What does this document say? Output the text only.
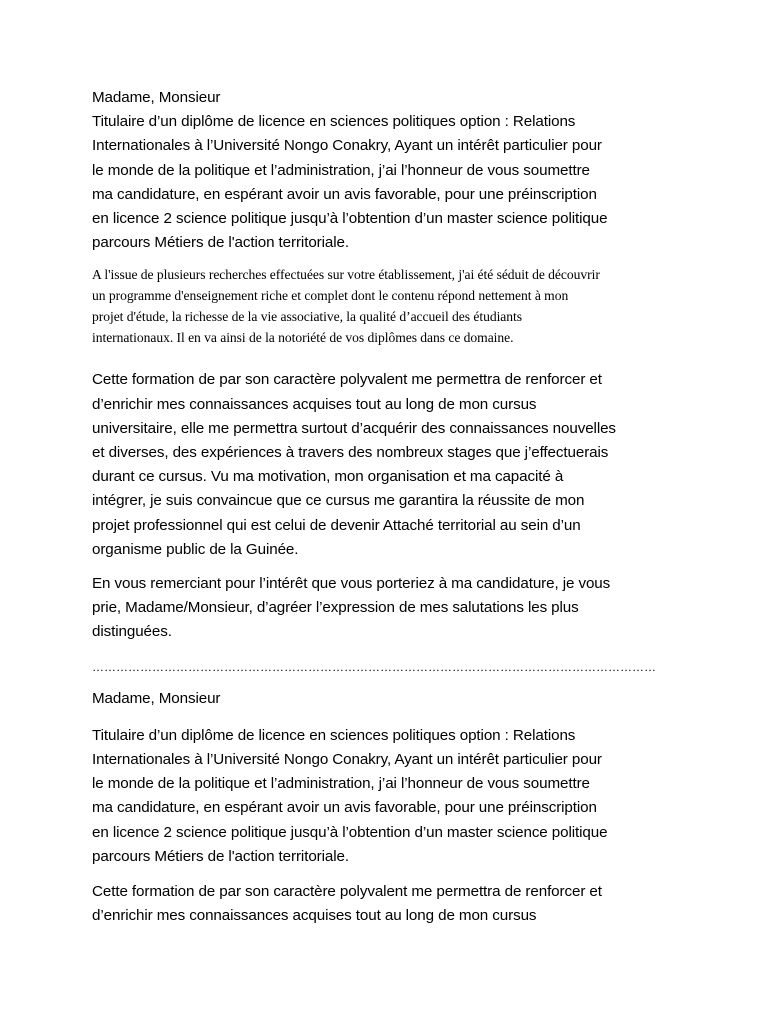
Madame, Monsieur
Titulaire d’un diplôme de licence en sciences politiques option : Relations
Internationales à l’Université Nongo Conakry, Ayant un intérêt particulier pour
le monde de la politique et l’administration, j’ai l’honneur de vous soumettre
ma candidature, en espérant avoir un avis favorable, pour une préinscription
en licence 2 science politique jusqu’à l’obtention d’un master science politique
parcours Métiers de l'action territoriale.
A l'issue de plusieurs recherches effectuées sur votre établissement, j'ai été séduit de découvrir
un programme d'enseignement riche et complet dont le contenu répond nettement à mon
projet d'étude, la richesse de la vie associative, la qualité d’accueil des étudiants
internationaux. Il en va ainsi de la notoriété de vos diplômes dans ce domaine.
Cette formation de par son caractère polyvalent me permettra de renforcer et
d’enrichir mes connaissances acquises tout au long de mon cursus
universitaire, elle me permettra surtout d’acquérir des connaissances nouvelles
et diverses, des expériences à travers des nombreux stages que j’effectuerais
durant ce cursus. Vu ma motivation, mon organisation et ma capacité à
intégrer, je suis convaincue que ce cursus me garantira la réussite de mon
projet professionnel qui est celui de devenir Attaché territorial au sein d’un
organisme public de la Guinée.
En vous remerciant pour l’intérêt que vous porteriez à ma candidature, je vous
prie, Madame/Monsieur, d’agréer l’expression de mes salutations les plus
distinguées.
……………………………………………………………………………………………………………………………
Madame, Monsieur
Titulaire d’un diplôme de licence en sciences politiques option : Relations
Internationales à l’Université Nongo Conakry, Ayant un intérêt particulier pour
le monde de la politique et l’administration, j’ai l’honneur de vous soumettre
ma candidature, en espérant avoir un avis favorable, pour une préinscription
en licence 2 science politique jusqu’à l’obtention d’un master science politique
parcours Métiers de l'action territoriale.
Cette formation de par son caractère polyvalent me permettra de renforcer et
d’enrichir mes connaissances acquises tout au long de mon cursus
